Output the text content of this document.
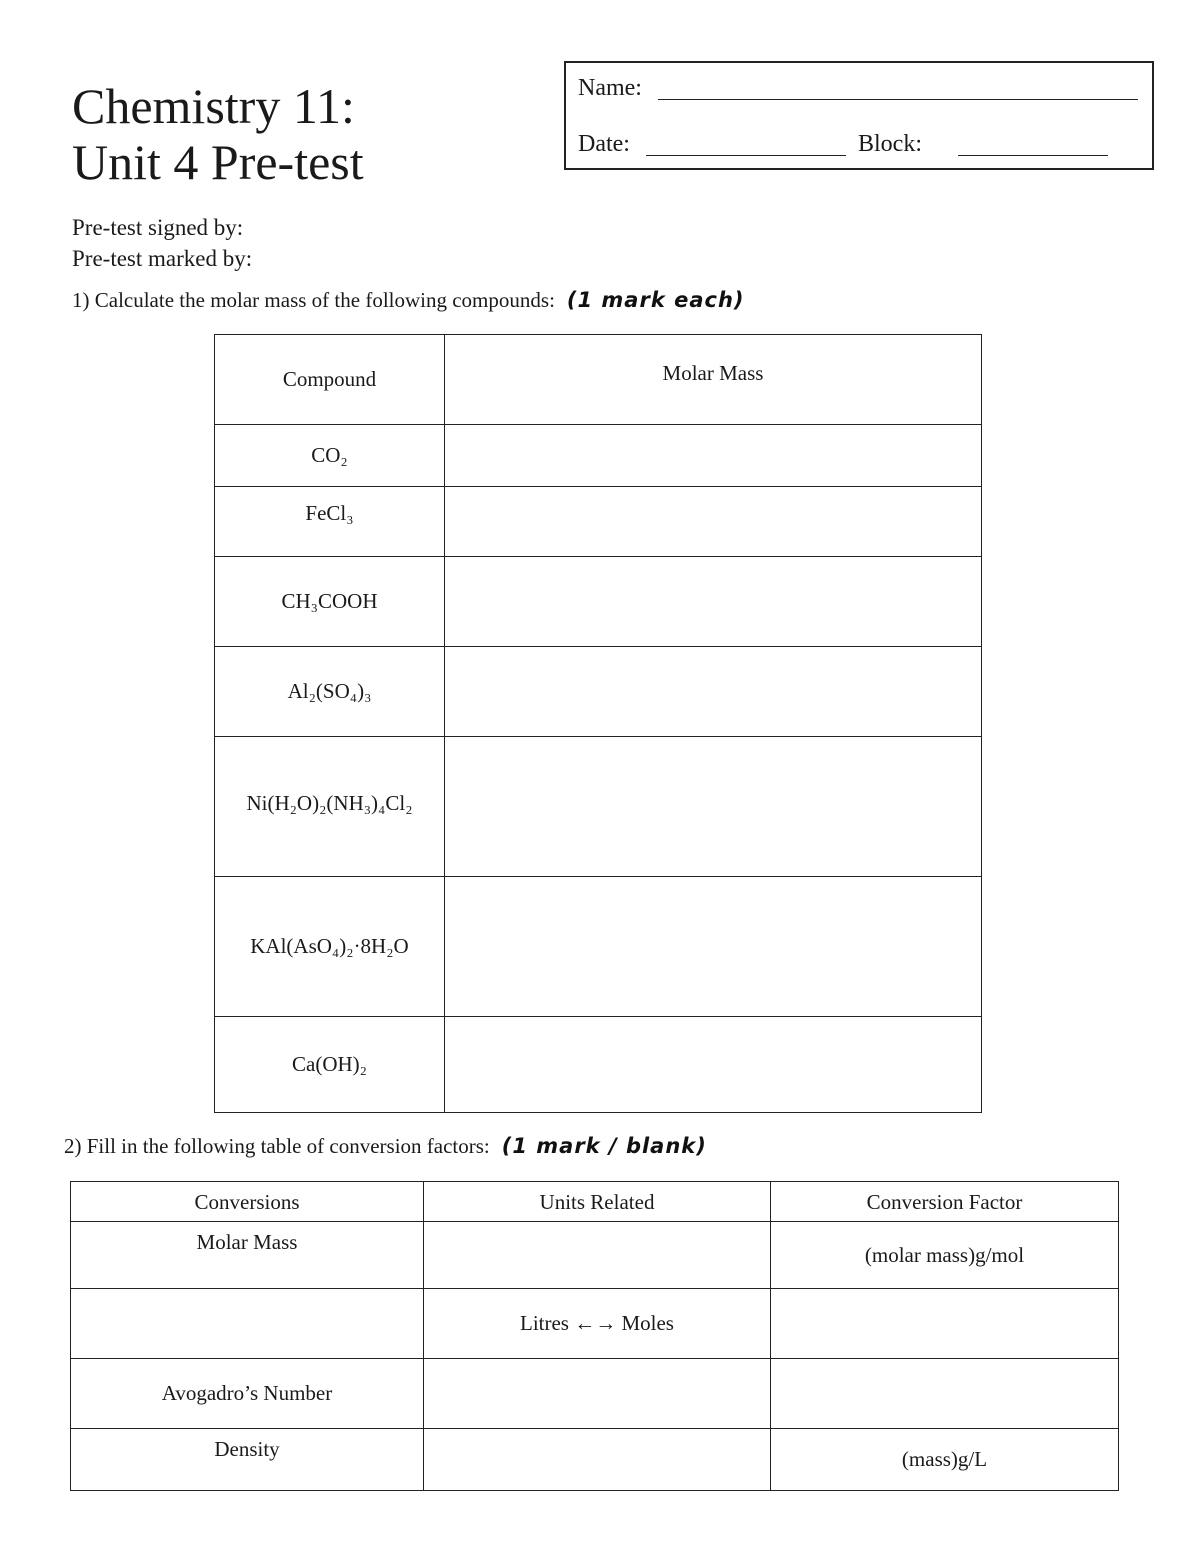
Chemistry 11:
Unit 4 Pre-test
Name:
Date:	Block:
Pre-test signed by:
Pre-test marked by:
1) Calculate the molar mass of the following compounds: (1 mark each)
Compound	Molar Mass
CO₂	
FeCl₃	
CH₃COOH	
Al₂(SO₄)₃	
Ni(H₂O)₂(NH₃)₄Cl₂	
KAl(AsO₄)₂·8H₂O	
Ca(OH)₂	
2) Fill in the following table of conversion factors: (1 mark / blank)
Conversions	Units Related	Conversion Factor
Molar Mass		(molar mass)g/mol
	Litres ←→ Moles	
Avogadro’s Number		
Density		(mass)g/L
